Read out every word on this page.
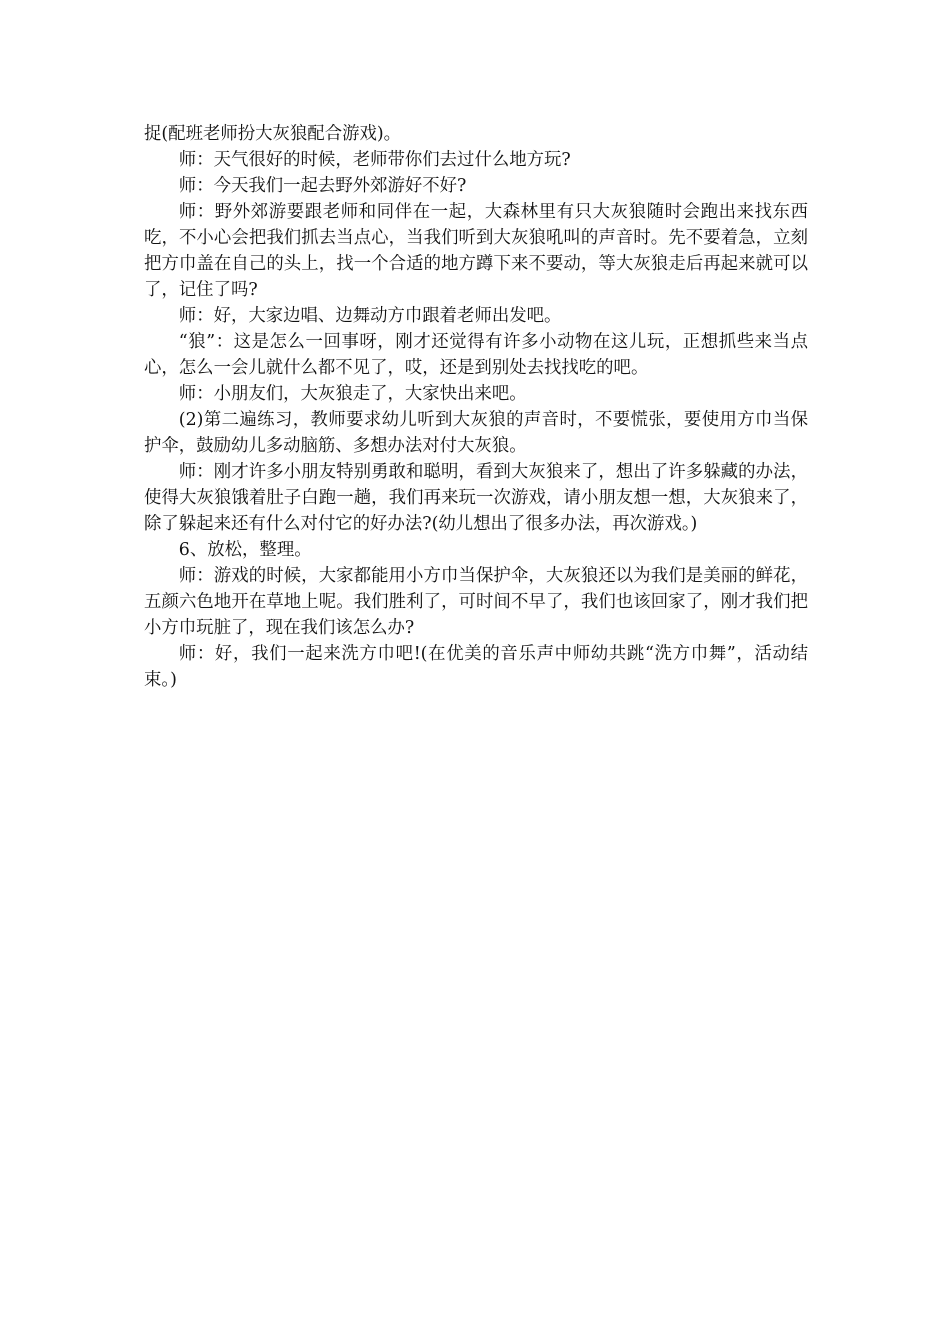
捉(配班老师扮大灰狼配合游戏)。

师：天气很好的时候，老师带你们去过什么地方玩?

师：今天我们一起去野外郊游好不好?

师：野外郊游要跟老师和同伴在一起，大森林里有只大灰狼随时会跑出来找东西吃，不小心会把我们抓去当点心，当我们听到大灰狼吼叫的声音时。先不要着急，立刻把方巾盖在自己的头上，找一个合适的地方蹲下来不要动，等大灰狼走后再起来就可以了，记住了吗?

师：好，大家边唱、边舞动方巾跟着老师出发吧。

“狼”：这是怎么一回事呀，刚才还觉得有许多小动物在这儿玩，正想抓些来当点心，怎么一会儿就什么都不见了，哎，还是到别处去找找吃的吧。

师：小朋友们，大灰狼走了，大家快出来吧。

(2)第二遍练习，教师要求幼儿听到大灰狼的声音时，不要慌张，要使用方巾当保护伞，鼓励幼儿多动脑筋、多想办法对付大灰狼。

师：刚才许多小朋友特别勇敢和聪明，看到大灰狼来了，想出了许多躲藏的办法，使得大灰狼饿着肚子白跑一趟，我们再来玩一次游戏，请小朋友想一想，大灰狼来了，除了躲起来还有什么对付它的好办法?(幼儿想出了很多办法，再次游戏。)

6、放松，整理。

师：游戏的时候，大家都能用小方巾当保护伞，大灰狼还以为我们是美丽的鲜花，五颜六色地开在草地上呢。我们胜利了，可时间不早了，我们也该回家了，刚才我们把小方巾玩脏了，现在我们该怎么办?

师：好，我们一起来洗方巾吧!(在优美的音乐声中师幼共跳“洗方巾舞”，活动结束。)
